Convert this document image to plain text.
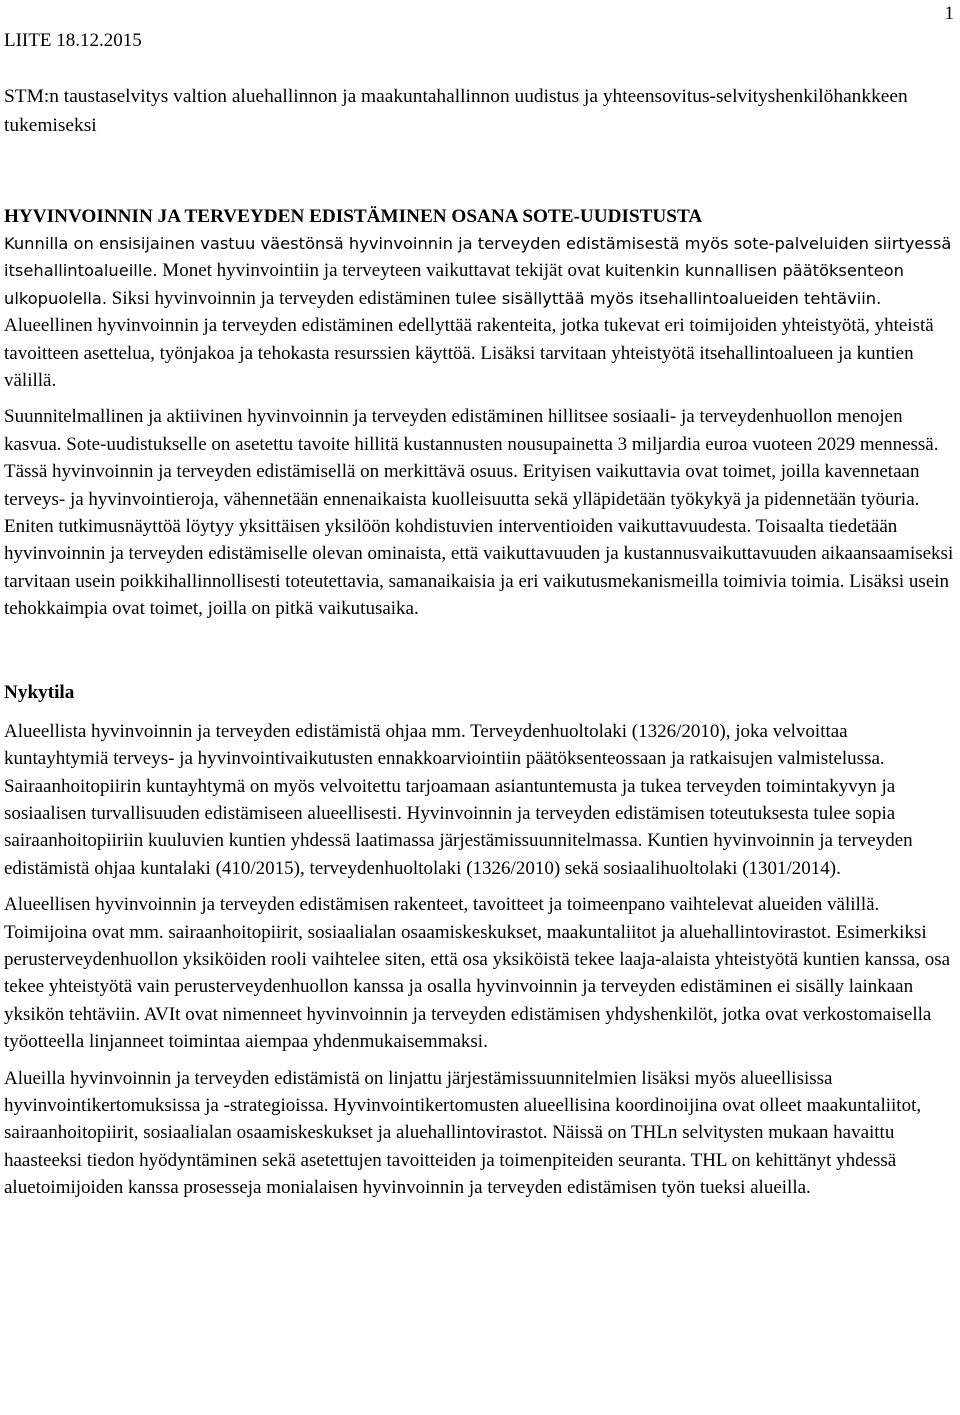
LIITE 18.12.2015
1
STM:n taustaselvitys valtion aluehallinnon ja maakuntahallinnon uudistus ja yhteensovitus-selvityshenkilöhankkeen tukemiseksi
HYVINVOINNIN JA TERVEYDEN EDISTÄMINEN OSANA SOTE-UUDISTUSTA

Kunnilla on ensisijainen vastuu väestönsä hyvinvoinnin ja terveyden edistämisestä myös sote-palveluiden siirtyessä itsehallintoalueille. Monet hyvinvointiin ja terveyteen vaikuttavat tekijät ovat kuitenkin kunnallisen päätöksenteon ulkopuolella. Siksi hyvinvoinnin ja terveyden edistäminen tulee sisällyttää myös itsehallintoalueiden tehtäviin. Alueellinen hyvinvoinnin ja terveyden edistäminen edellyttää rakenteita, jotka tukevat eri toimijoiden yhteistyötä, yhteistä tavoitteen asettelua, työnjakoa ja tehokasta resurssien käyttöä. Lisäksi tarvitaan yhteistyötä itsehallintoalueen ja kuntien välillä.

Suunnitelmallinen ja aktiivinen hyvinvoinnin ja terveyden edistäminen hillitsee sosiaali- ja terveydenhuollon menojen kasvua. Sote-uudistukselle on asetettu tavoite hillitä kustannusten nousupainetta 3 miljardia euroa vuoteen 2029 mennessä. Tässä hyvinvoinnin ja terveyden edistämisellä on merkittävä osuus. Erityisen vaikuttavia ovat toimet, joilla kavennetaan terveys- ja hyvinvointieroja, vähennetään ennenaikaista kuolleisuutta sekä ylläpidetään työkykyä ja pidennetään työuria. Eniten tutkimusnäyttöä löytyy yksittäisen yksilöön kohdistuvien interventioiden vaikuttavuudesta. Toisaalta tiedetään hyvinvoinnin ja terveyden edistämiselle olevan ominaista, että vaikuttavuuden ja kustannusvaikuttavuuden aikaansaamiseksi tarvitaan usein poikkihallinnollisesti toteutettavia, samanaikaisia ja eri vaikutusmekanismeilla toimivia toimia. Lisäksi usein tehokkaimpia ovat toimet, joilla on pitkä vaikutusaika.

Nykytila

Alueellista hyvinvoinnin ja terveyden edistämistä ohjaa mm. Terveydenhuoltolaki (1326/2010), joka velvoittaa kuntayhtymiä terveys- ja hyvinvointivaikutusten ennakkoarviointiin päätöksenteossaan ja ratkaisujen valmistelussa. Sairaanhoitopiirin kuntayhtymä on myös velvoitettu tarjoamaan asiantuntemusta ja tukea terveyden toimintakyvyn ja sosiaalisen turvallisuuden edistämiseen alueellisesti. Hyvinvoinnin ja terveyden edistämisen toteutuksesta tulee sopia sairaanhoitopiiriin kuuluvien kuntien yhdessä laatimassa järjestämissuunnitelmassa. Kuntien hyvinvoinnin ja terveyden edistämistä ohjaa kuntalaki (410/2015), terveydenhuoltolaki (1326/2010) sekä sosiaalihuoltolaki (1301/2014).

Alueellisen hyvinvoinnin ja terveyden edistämisen rakenteet, tavoitteet ja toimeenpano vaihtelevat alueiden välillä. Toimijoina ovat mm. sairaanhoitopiirit, sosiaalialan osaamiskeskukset, maakuntaliitot ja aluehallintovirastot. Esimerkiksi perusterveydenhuollon yksiköiden rooli vaihtelee siten, että osa yksiköistä tekee laaja-alaista yhteistyötä kuntien kanssa, osa tekee yhteistyötä vain perusterveydenhuollon kanssa ja osalla hyvinvoinnin ja terveyden edistäminen ei sisälly lainkaan yksikön tehtäviin. AVIt ovat nimenneet hyvinvoinnin ja terveyden edistämisen yhdyshenkilöt, jotka ovat verkostomaisella työotteella linjanneet toimintaa aiempaa yhdenmukaisemmaksi.

Alueilla hyvinvoinnin ja terveyden edistämistä on linjattu järjestämissuunnitelmien lisäksi myös alueellisissa hyvinvointikertomuksissa ja -strategioissa. Hyvinvointikertomusten alueellisina koordinoijina ovat olleet maakuntaliitot, sairaanhoitopiirit, sosiaalialan osaamiskeskukset ja aluehallintovirastot. Näissä on THLn selvitysten mukaan havaittu haasteeksi tiedon hyödyntäminen sekä asetettujen tavoitteiden ja toimenpiteiden seuranta. THL on kehittänyt yhdessä aluetoimijoiden kanssa prosesseja monialaisen hyvinvoinnin ja terveyden edistämisen työn tueksi alueilla.
